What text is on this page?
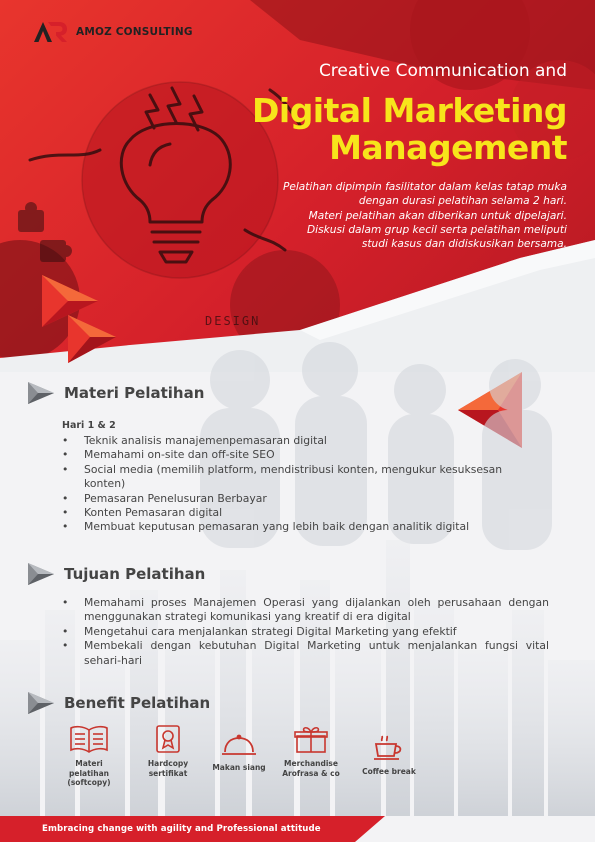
DESIGN
AMOZ CONSULTING
Creative Communication and
Digital Marketing
Management
Pelatihan dipimpin fasilitator dalam kelas tatap muka
dengan durasi pelatihan selama 2 hari.
Materi pelatihan akan diberikan untuk dipelajari.
Diskusi dalam grup kecil serta pelatihan meliputi
studi kasus dan didiskusikan bersama.
Materi Pelatihan
Hari 1 & 2
• Teknik analisis manajemenpemasaran digital
• Memahami on-site dan off-site SEO
• Social media (memilih platform, mendistribusi konten, mengukur kesuksesan konten)
• Pemasaran Penelusuran Berbayar
• Konten Pemasaran digital
• Membuat keputusan pemasaran yang lebih baik dengan analitik digital
Tujuan Pelatihan
• Memahami proses Manajemen Operasi yang dijalankan oleh perusahaan dengan menggunakan strategi komunikasi yang kreatif di era digital
• Mengetahui cara menjalankan strategi Digital Marketing yang efektif
• Membekali dengan kebutuhan Digital Marketing untuk menjalankan fungsi vital sehari-hari
Benefit Pelatihan
Materi pelatihan
(softcopy)
Hardcopy
sertifikat
Makan siang	Merchandise
Arofrasa & co	Coffee break
Embracing change with agility and Professional attitude
